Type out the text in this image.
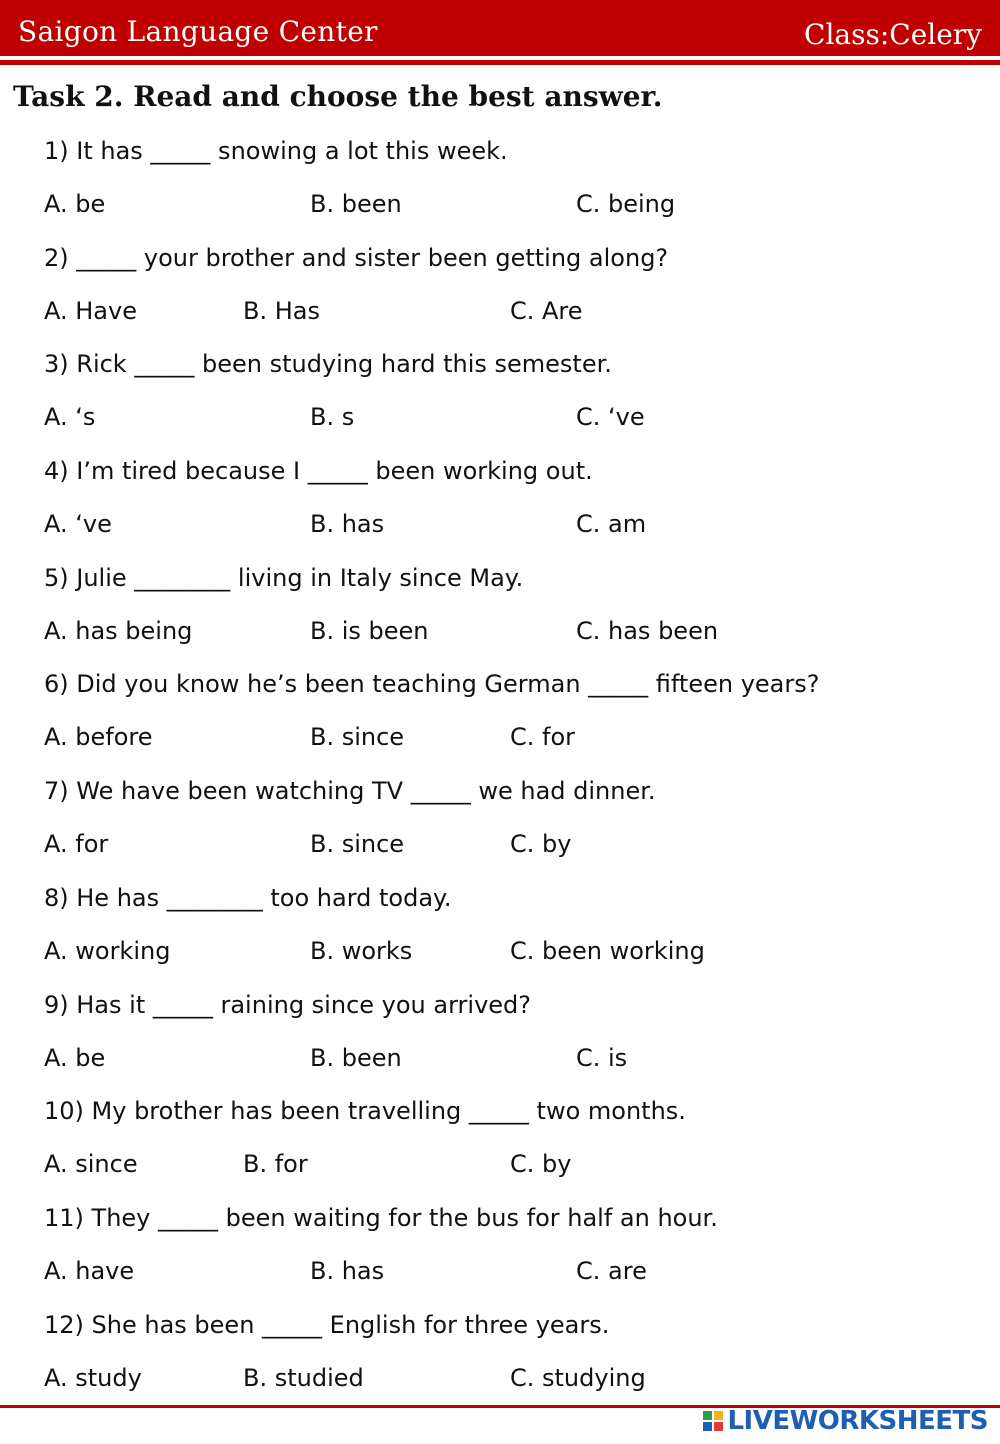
Saigon Language Center	Class:Celery
Task 2. Read and choose the best answer.
1) It has _____ snowing a lot this week.
A. be	B. been	C. being
2) _____ your brother and sister been getting along?
A. Have	B. Has	C. Are
3) Rick _____ been studying hard this semester.
A. ‘s	B. s	C. ‘ve
4) I’m tired because I _____ been working out.
A. ‘ve	B. has	C. am
5) Julie ________ living in Italy since May.
A. has being	B. is been	C. has been
6) Did you know he’s been teaching German _____ fifteen years?
A. before	B. since	C. for
7) We have been watching TV _____ we had dinner.
A. for	B. since	C. by
8) He has ________ too hard today.
A. working	B. works	C. been working
9) Has it _____ raining since you arrived?
A. be	B. been	C. is
10) My brother has been travelling _____ two months.
A. since	B. for	C. by
11) They _____ been waiting for the bus for half an hour.
A. have	B. has	C. are
12) She has been _____ English for three years.
A. study	B. studied	C. studying
LIVEWORKSHEETS
